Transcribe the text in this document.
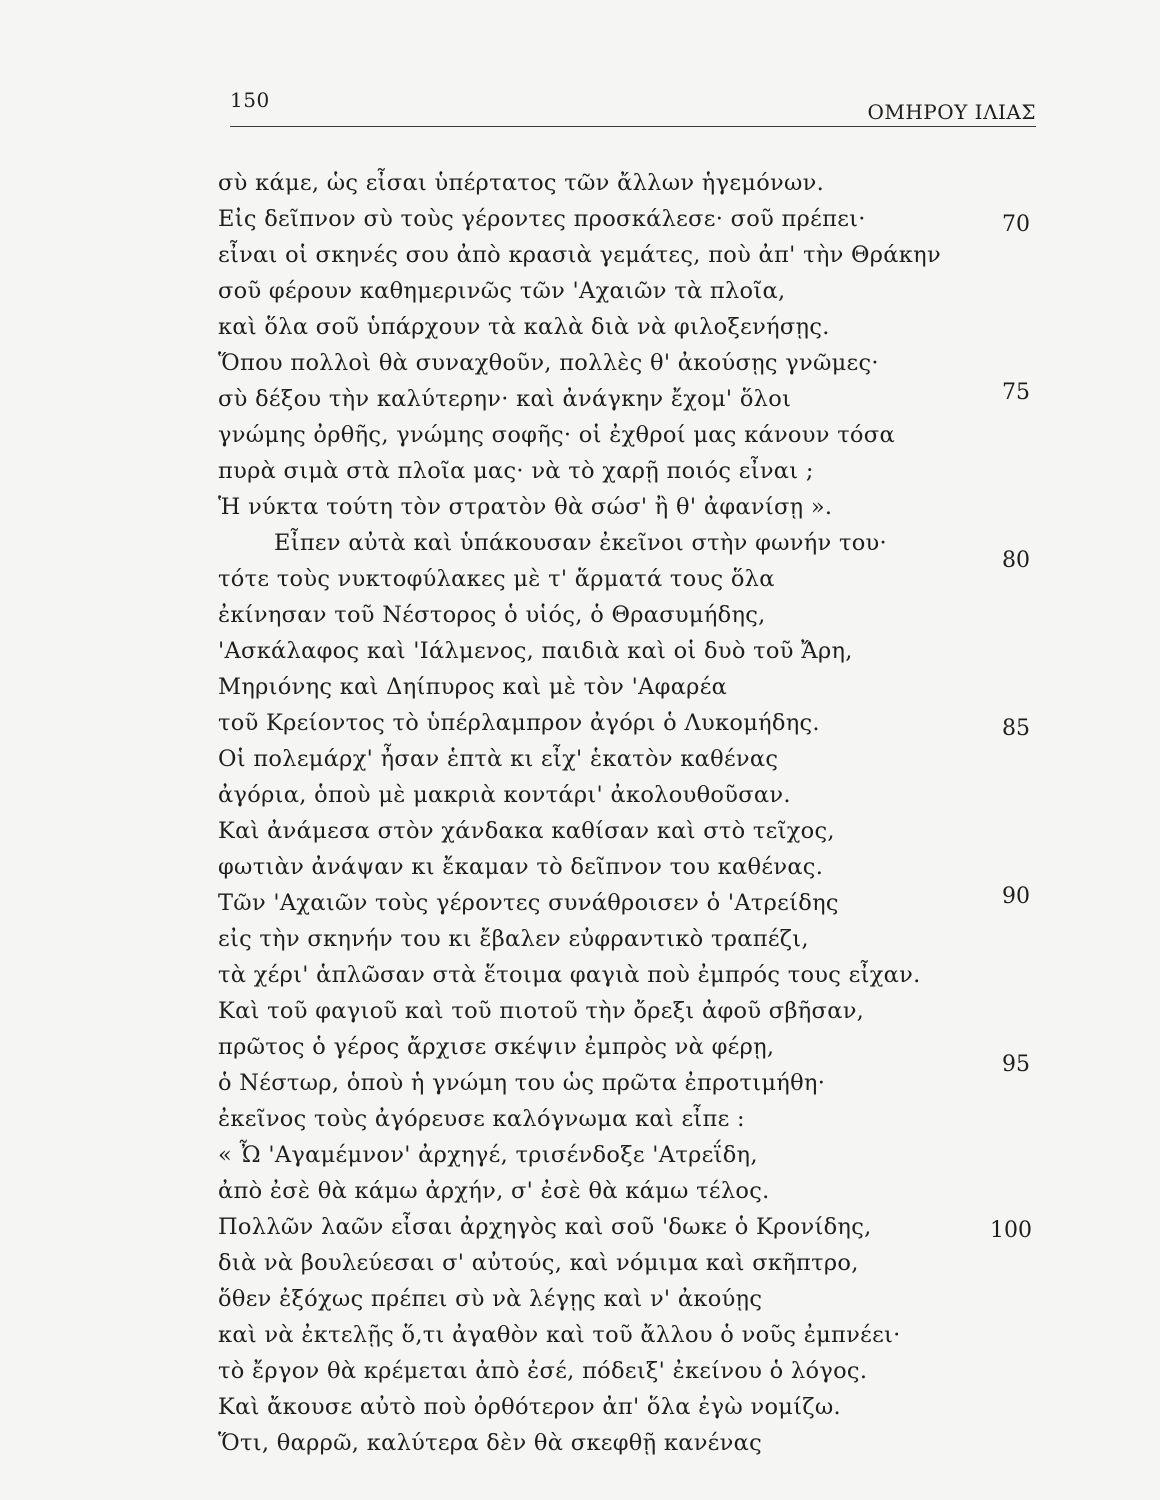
150	ΟΜΗΡΟΥ ΙΛΙΑΣ
σὺ κάμε, ὡς εἶσαι ὑπέρτατος τῶν ἄλλων ἡγεμόνων.
Εἰς δεῖπνον σὺ τοὺς γέροντες προσκάλεσε· σοῦ πρέπει·
εἶναι οἱ σκηνές σου ἀπὸ κρασιὰ γεμάτες, ποὺ ἀπ' τὴν Θράκην
σοῦ φέρουν καθημερινῶς τῶν 'Αχαιῶν τὰ πλοῖα,
καὶ ὅλα σοῦ ὑπάρχουν τὰ καλὰ διὰ νὰ φιλοξενήσῃς.
Ὅπου πολλοὶ θὰ συναχθοῦν, πολλὲς θ' ἀκούσῃς γνῶμες·
σὺ δέξου τὴν καλύτερην· καὶ ἀνάγκην ἔχομ' ὅλοι
γνώμης ὀρθῆς, γνώμης σοφῆς· οἱ ἐχθροί μας κάνουν τόσα
πυρὰ σιμὰ στὰ πλοῖα μας· νὰ τὸ χαρῇ ποιός εἶναι ;
Ἡ νύκτα τούτη τὸν στρατὸν θὰ σώσ' ἢ θ' ἀφανίσῃ ».
Εἶπεν αὐτὰ καὶ ὑπάκουσαν ἐκεῖνοι στὴν φωνήν του·
τότε τοὺς νυκτοφύλακες μὲ τ' ἅρματά τους ὅλα
ἐκίνησαν τοῦ Νέστορος ὁ υἱός, ὁ Θρασυμήδης,
'Ασκάλαφος καὶ 'Ιάλμενος, παιδιὰ καὶ οἱ δυὸ τοῦ Ἄρη,
Μηριόνης καὶ Δηίπυρος καὶ μὲ τὸν 'Αφαρέα
τοῦ Κρείοντος τὸ ὑπέρλαμπρον ἀγόρι ὁ Λυκομήδης.
Οἱ πολεμάρχ' ἦσαν ἑπτὰ κι εἶχ' ἑκατὸν καθένας
ἀγόρια, ὁποὺ μὲ μακριὰ κοντάρι' ἀκολουθοῦσαν.
Καὶ ἀνάμεσα στὸν χάνδακα καθίσαν καὶ στὸ τεῖχος,
φωτιὰν ἀνάψαν κι ἔκαμαν τὸ δεῖπνον του καθένας.
Τῶν 'Αχαιῶν τοὺς γέροντες συνάθροισεν ὁ 'Ατρείδης
εἰς τὴν σκηνήν του κι ἔβαλεν εὐφραντικὸ τραπέζι,
τὰ χέρι' ἁπλῶσαν στὰ ἕτοιμα φαγιὰ ποὺ ἐμπρός τους εἶχαν.
Καὶ τοῦ φαγιοῦ καὶ τοῦ πιοτοῦ τὴν ὄρεξι ἀφοῦ σβῆσαν,
πρῶτος ὁ γέρος ἄρχισε σκέψιν ἐμπρὸς νὰ φέρῃ,
ὁ Νέστωρ, ὁποὺ ἡ γνώμη του ὡς πρῶτα ἐπροτιμήθη·
ἐκεῖνος τοὺς ἀγόρευσε καλόγνωμα καὶ εἶπε :
« Ὦ 'Αγαμέμνον' ἀρχηγέ, τρισένδοξε 'Ατρεΐδη,
ἀπὸ ἐσὲ θὰ κάμω ἀρχήν, σ' ἐσὲ θὰ κάμω τέλος.
Πολλῶν λαῶν εἶσαι ἀρχηγὸς καὶ σοῦ 'δωκε ὁ Κρονίδης,
διὰ νὰ βουλεύεσαι σ' αὐτούς, καὶ νόμιμα καὶ σκῆπτρο,
ὅθεν ἐξόχως πρέπει σὺ νὰ λέγῃς καὶ ν' ἀκούῃς
καὶ νὰ ἐκτελῇς ὅ,τι ἀγαθὸν καὶ τοῦ ἄλλου ὁ νοῦς ἐμπνέει·
τὸ ἔργον θὰ κρέμεται ἀπὸ ἐσέ, πόδειξ' ἐκείνου ὁ λόγος.
Καὶ ἄκουσε αὐτὸ ποὺ ὀρθότερον ἀπ' ὅλα ἐγὼ νομίζω.
Ὅτι, θαρρῶ, καλύτερα δὲν θὰ σκεφθῇ κανένας
70
75
80
85
90
95
100
